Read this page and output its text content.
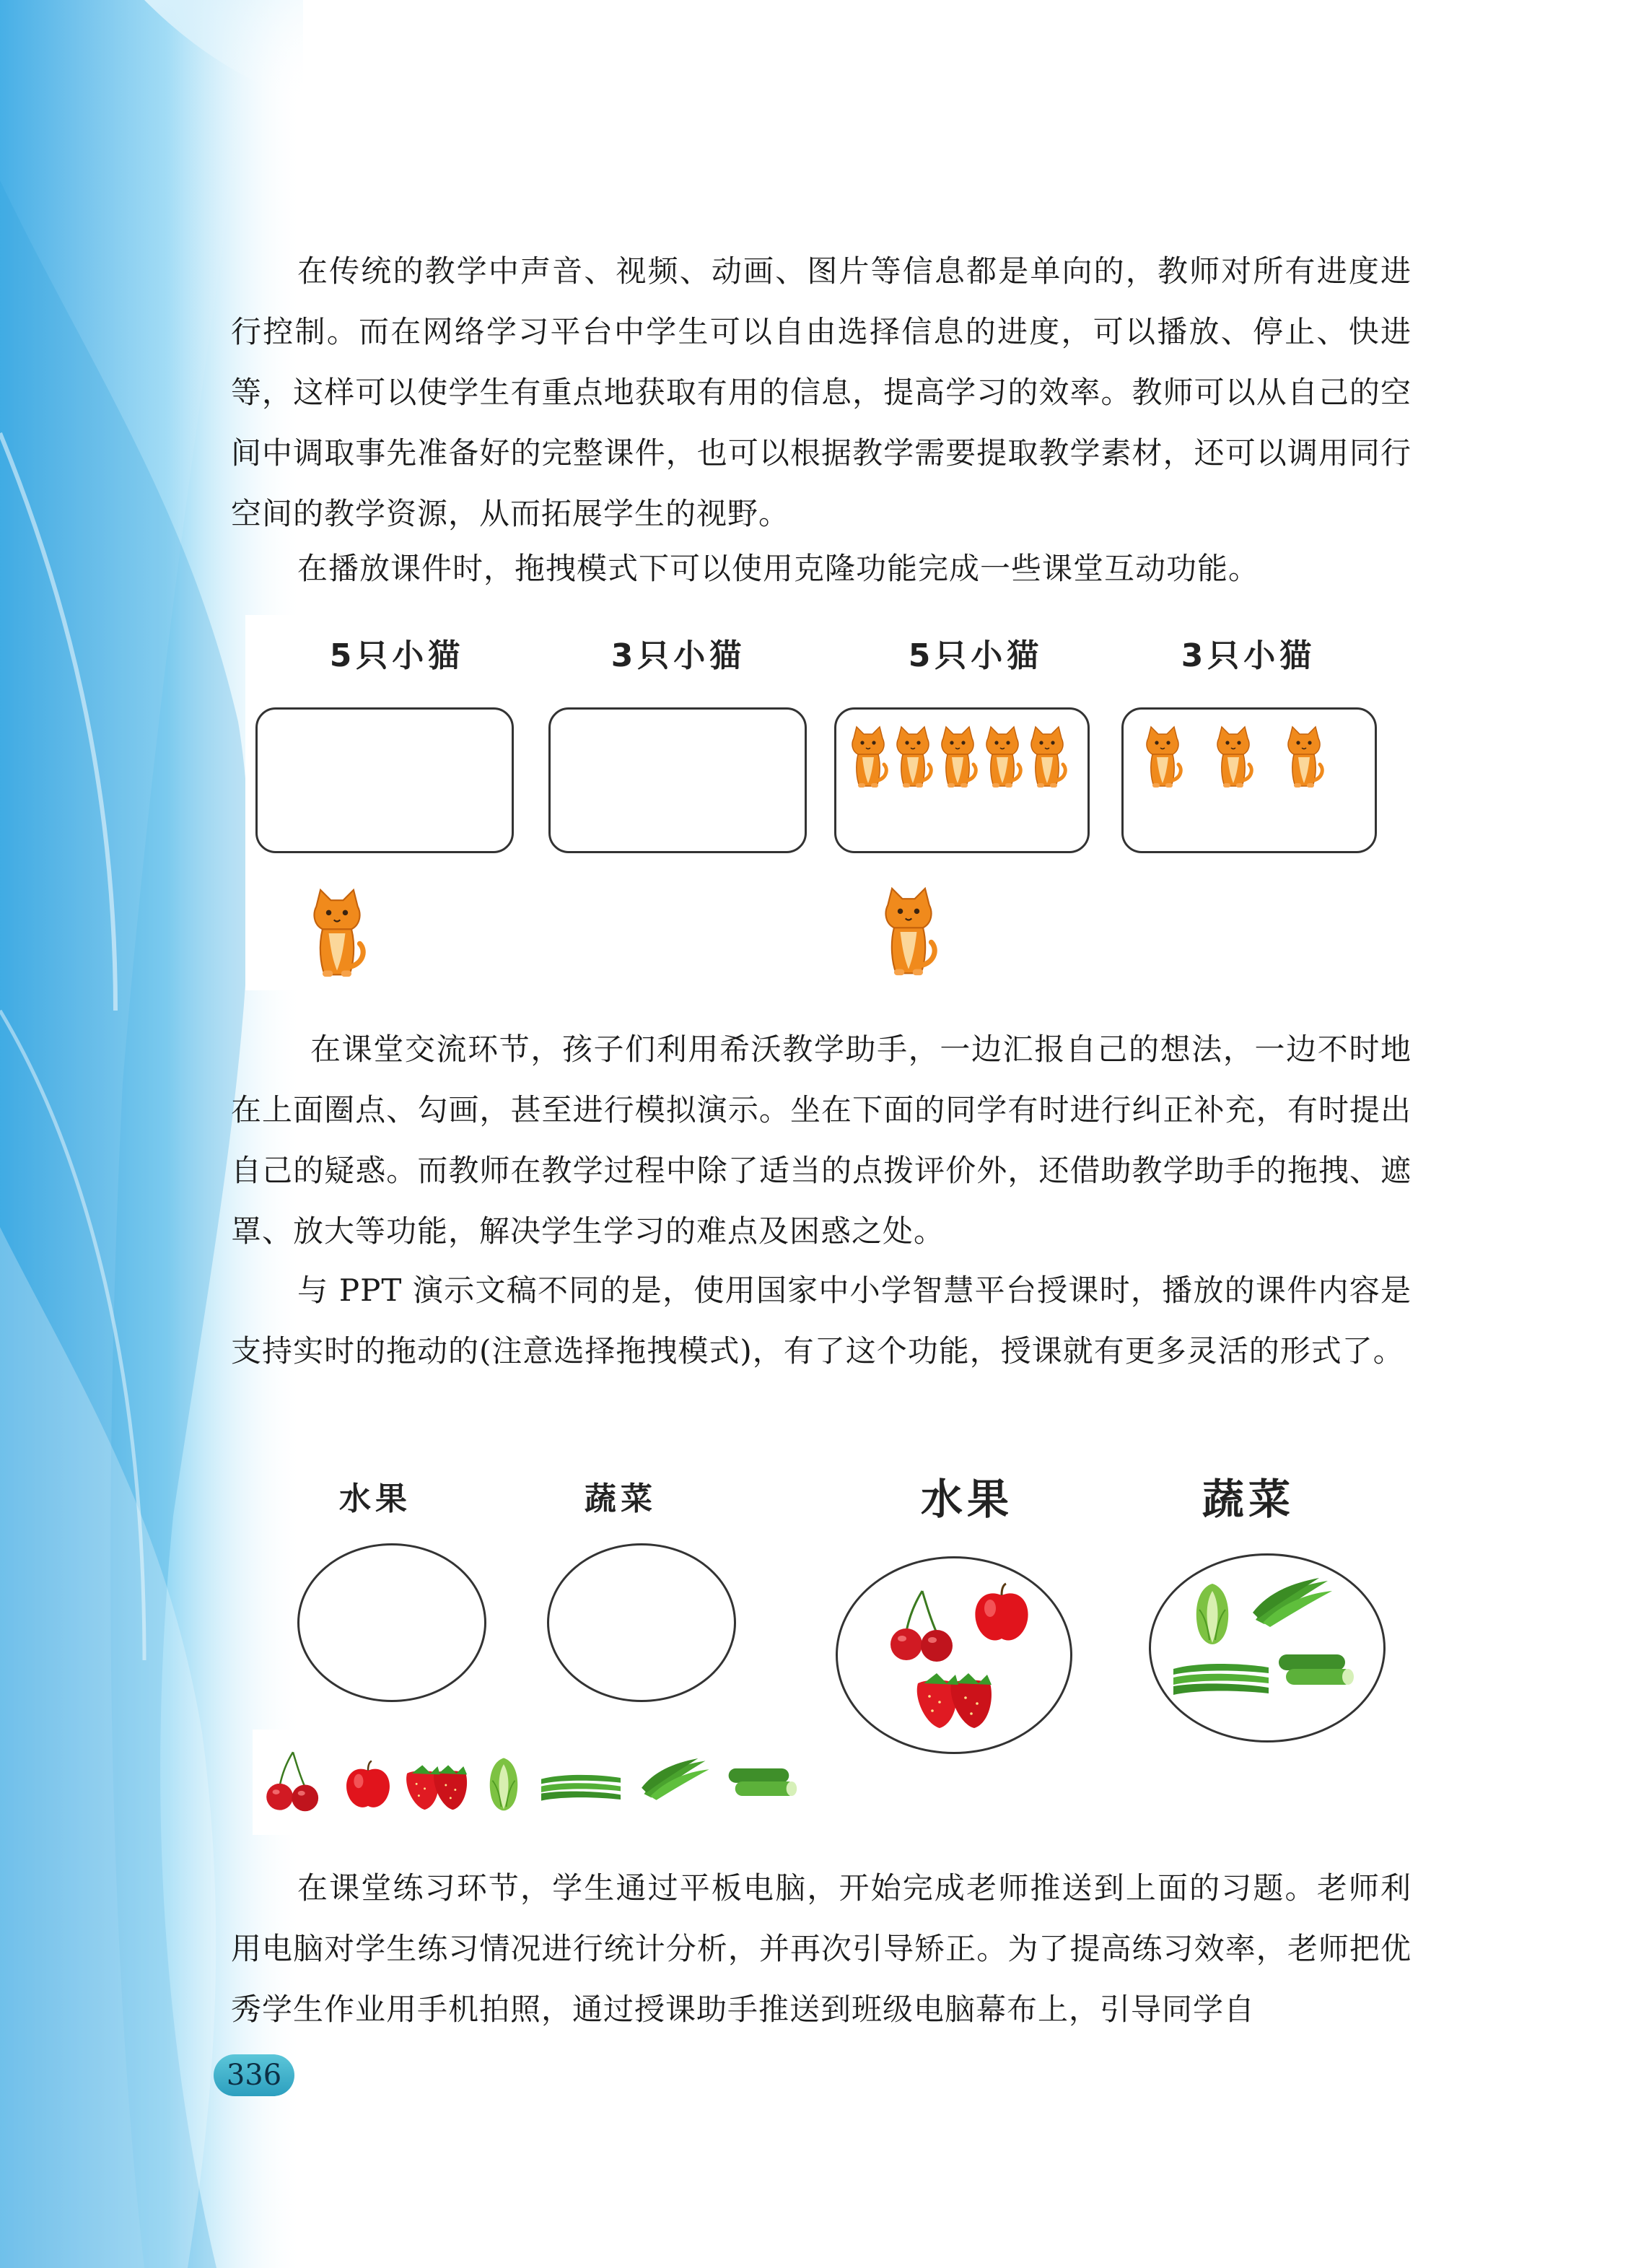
在传统的教学中声音、视频、动画、图片等信息都是单向的，教师对所有进度进行控制。而在网络学习平台中学生可以自由选择信息的进度，可以播放、停止、快进等，这样可以使学生有重点地获取有用的信息，提高学习的效率。教师可以从自己的空间中调取事先准备好的完整课件，也可以根据教学需要提取教学素材，还可以调用同行空间的教学资源，从而拓展学生的视野。

在播放课件时，拖拽模式下可以使用克隆功能完成一些课堂互动功能。

5只小猫	3只小猫	5只小猫	3只小猫

在课堂交流环节，孩子们利用希沃教学助手，一边汇报自己的想法，一边不时地在上面圈点、勾画，甚至进行模拟演示。坐在下面的同学有时进行纠正补充，有时提出自己的疑惑。而教师在教学过程中除了适当的点拨评价外，还借助教学助手的拖拽、遮罩、放大等功能，解决学生学习的难点及困惑之处。

与 PPT 演示文稿不同的是，使用国家中小学智慧平台授课时，播放的课件内容是支持实时的拖动的(注意选择拖拽模式)，有了这个功能，授课就有更多灵活的形式了。

水果	蔬菜	水果	蔬菜

在课堂练习环节，学生通过平板电脑，开始完成老师推送到上面的习题。老师利用电脑对学生练习情况进行统计分析，并再次引导矫正。为了提高练习效率，老师把优秀学生作业用手机拍照，通过授课助手推送到班级电脑幕布上，引导同学自

336
